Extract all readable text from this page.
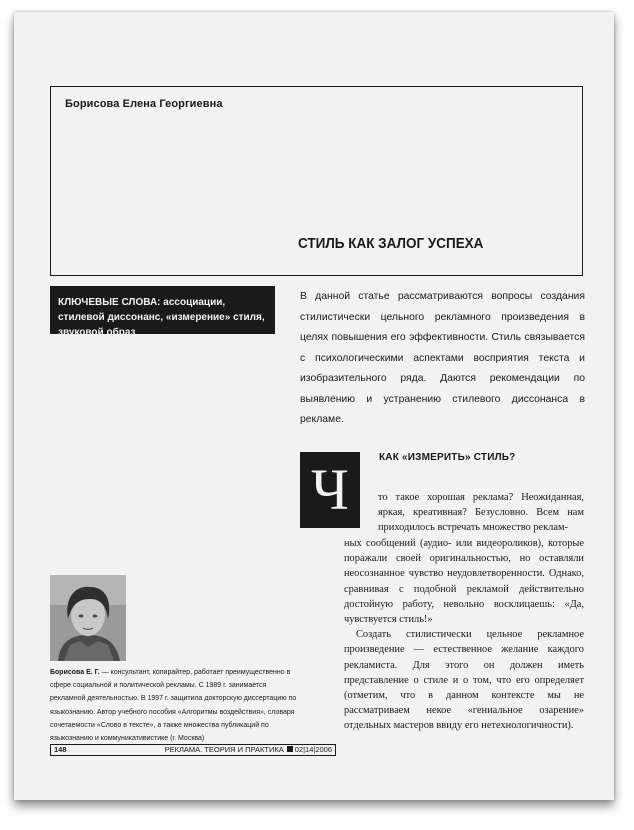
Борисова Елена Георгиевна
СТИЛЬ КАК ЗАЛОГ УСПЕХА
КЛЮЧЕВЫЕ СЛОВА: ассоциации, стилевой диссонанс, «измерение» стиля, звуковой образ
В данной статье рассматриваются вопросы создания стилистически цельного рекламного произведения в целях повышения его эффективности. Стиль связывается с психологическими аспектами восприятия текста и изобразительного ряда. Даются рекомендации по выявлению и устранению стилевого диссонанса в рекламе.
Ч	КАК «ИЗМЕРИТЬ» СТИЛЬ?
то такое хорошая реклама? Неожиданная, яркая, креативная? Безусловно. Всем нам приходилось встречать множество реклам-
ных сообщений (аудио- или видеороликов), которые поражали своей оригинальностью, но оставляли неосознанное чувство неудовлетворенности. Однако, сравнивая с подобной рекламой действительно достойную работу, невольно восклицаешь: «Да, чувствуется стиль!»
Создать стилистически цельное рекламное произведение — естественное желание каждого рекламиста. Для этого он должен иметь представление о стиле и о том, что его определяет (отметим, что в данном контексте мы не рассматриваем некое «гениальное озарение» отдельных мастеров ввиду его нетехнологичности).
Борисова Е. Г. — консультант, копирайтер, работает преимущественно в сфере социальной и политической рекламы. С 1989 г. занимается рекламной деятельностью. В 1997 г. защитила докторскую диссертацию по языкознанию. Автор учебного пособия «Алгоритмы воздействия», словаря сочетаемости «Слово в тексте», а также множества публикаций по языкознанию и коммуникативистике (г. Москва)
148	РЕКЛАМА. ТЕОРИЯ И ПРАКТИКА 02|14|2006
